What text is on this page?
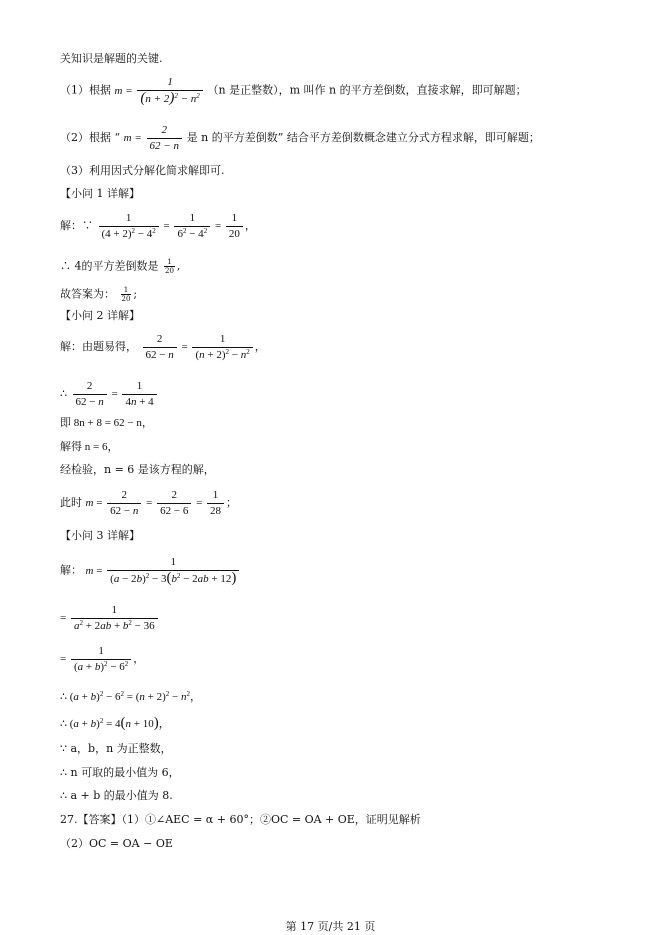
关知识是解题的关键.
（1）根据 $m = \frac{1}{(n + 2)^2 - n^2} (n$ 是正整数），m 叫作 n 的平方差倒数，直接求解，即可解题；
（2）根据 “ $m = \frac{2}{62 - n}$ 是 n 的平方差倒数” 结合平方差倒数概念建立分式方程求解，即可解题；
（3）利用因式分解化简求解即可.
【小问 1 详解】
解：∵ $\frac{1}{(4 + 2)^2 - 4^2} = \frac{1}{6^2 - 4^2} = \frac{1}{20}$ ，
∴ 4的平方差倒数是 $\frac{1}{20}$ ,
故答案为： $\frac{1}{20}$ ;
【小问 2 详解】
解：由题易得， $\frac{2}{62 - n} = \frac{1}{(n + 2)^2 - n^2}$ ，
∴ $\frac{2}{62 - n} = \frac{1}{4n + 4}$
即 8n + 8 = 62 − n，
解得 n = 6，
经检验，n = 6 是该方程的解，
此时 $m = \frac{2}{62 - n} = \frac{2}{62 - 6} = \frac{1}{28}$ ；
【小问 3 详解】
解： $m = \frac{1}{(a - 2b)^2 - 3(b^2 - 2ab + 12)}$
= $\frac{1}{a^2 + 2ab + b^2 - 36}$
= $\frac{1}{(a + b)^2 - 6^2}$ ，
∴ $(a + b)^2 - 6^2 = (n + 2)^2 - n^2$，
∴ $(a + b)^2 = 4(n + 10)$，
∵ a，b，n 为正整数，
∴ n 可取的最小值为 6，
∴ a + b 的最小值为 8.
27.【答案】（1）①∠AEC = α + 60°；②OC = OA + OE，证明见解析
（2）OC = OA − OE
第 17 页/共 21 页
